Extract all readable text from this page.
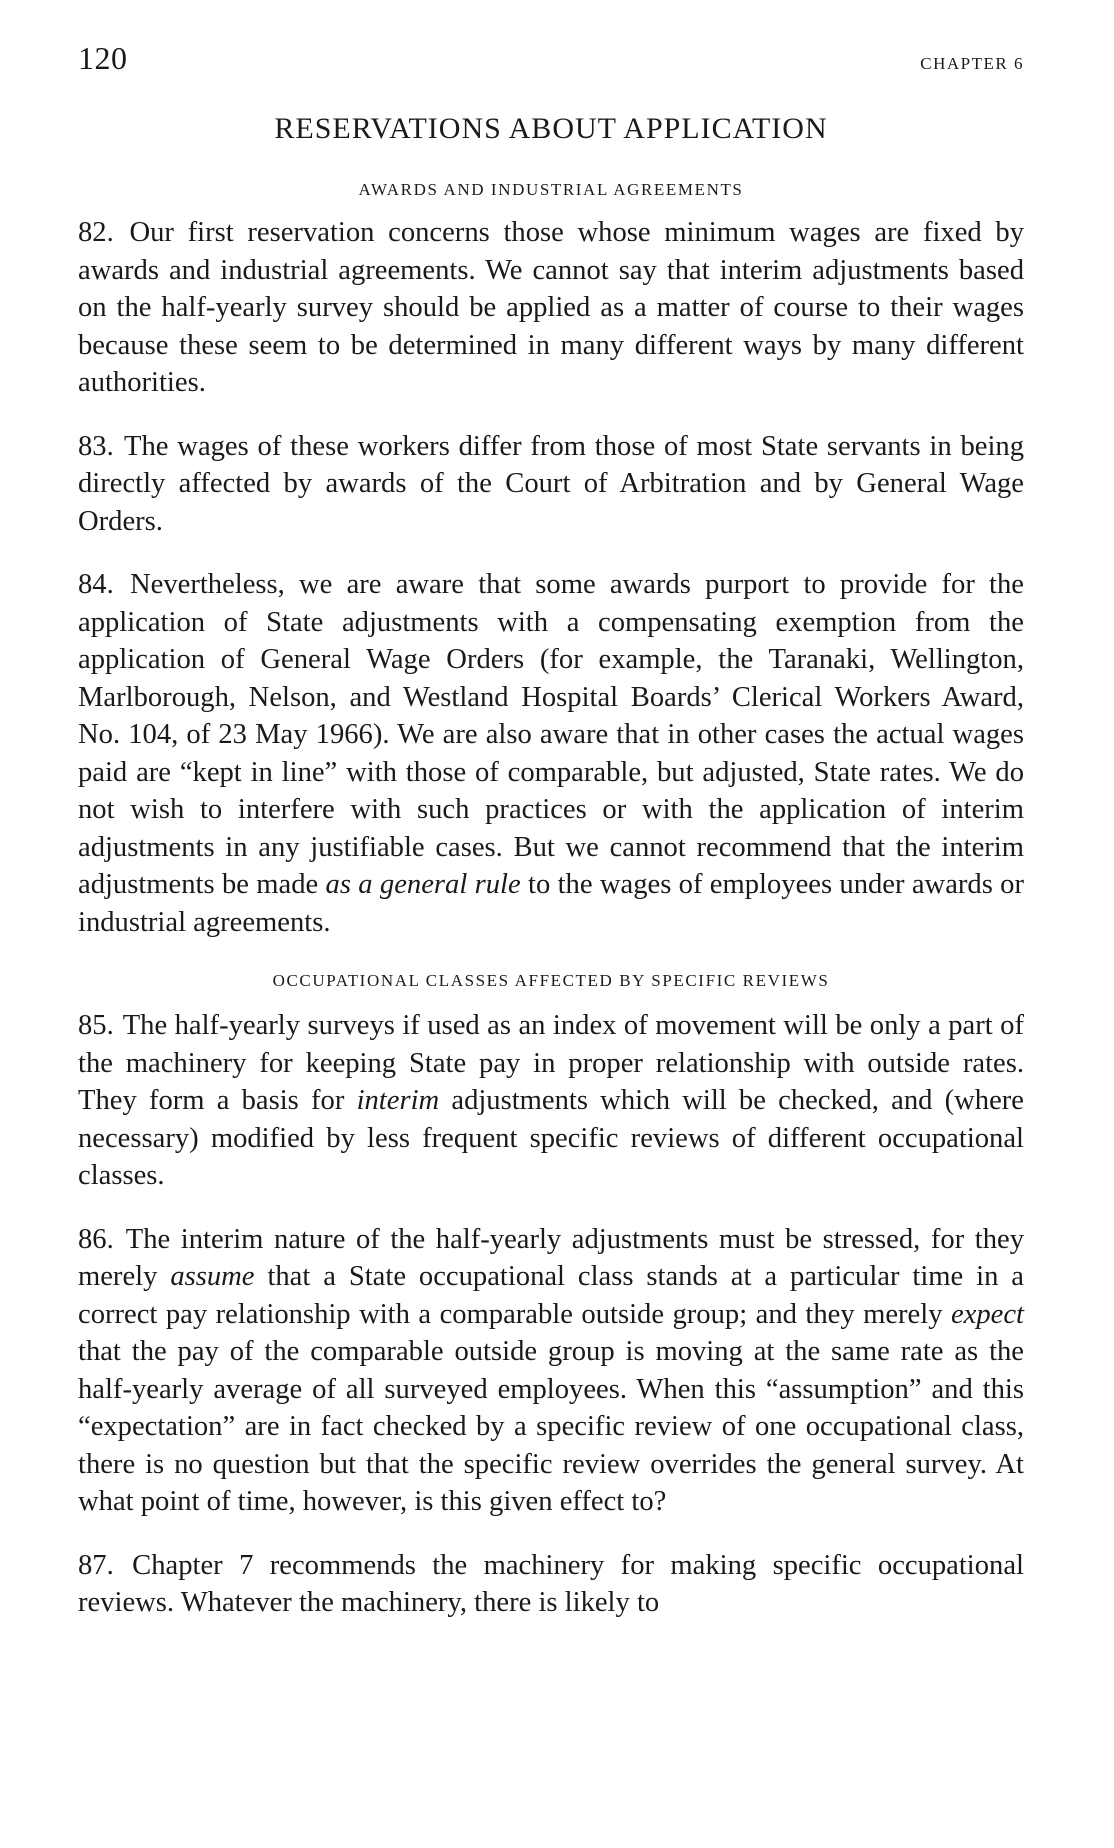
120	CHAPTER 6
RESERVATIONS ABOUT APPLICATION
AWARDS AND INDUSTRIAL AGREEMENTS

82. Our first reservation concerns those whose minimum wages are fixed by awards and industrial agreements. We cannot say that interim adjustments based on the half-yearly survey should be applied as a matter of course to their wages because these seem to be determined in many different ways by many different authorities.

83. The wages of these workers differ from those of most State servants in being directly affected by awards of the Court of Arbitration and by General Wage Orders.

84. Nevertheless, we are aware that some awards purport to provide for the application of State adjustments with a compensating exemption from the application of General Wage Orders (for example, the Taranaki, Wellington, Marlborough, Nelson, and Westland Hospital Boards’ Clerical Workers Award, No. 104, of 23 May 1966). We are also aware that in other cases the actual wages paid are “kept in line” with those of comparable, but adjusted, State rates. We do not wish to interfere with such practices or with the application of interim adjustments in any justifiable cases. But we cannot recommend that the interim adjustments be made as a general rule to the wages of employees under awards or industrial agreements.

OCCUPATIONAL CLASSES AFFECTED BY SPECIFIC REVIEWS

85. The half-yearly surveys if used as an index of movement will be only a part of the machinery for keeping State pay in proper relationship with outside rates. They form a basis for interim adjustments which will be checked, and (where necessary) modified by less frequent specific reviews of different occupational classes.

86. The interim nature of the half-yearly adjustments must be stressed, for they merely assume that a State occupational class stands at a particular time in a correct pay relationship with a comparable outside group; and they merely expect that the pay of the comparable outside group is moving at the same rate as the half-yearly average of all surveyed employees. When this “assumption” and this “expectation” are in fact checked by a specific review of one occupational class, there is no question but that the specific review overrides the general survey. At what point of time, however, is this given effect to?

87. Chapter 7 recommends the machinery for making specific occupational reviews. Whatever the machinery, there is likely to
